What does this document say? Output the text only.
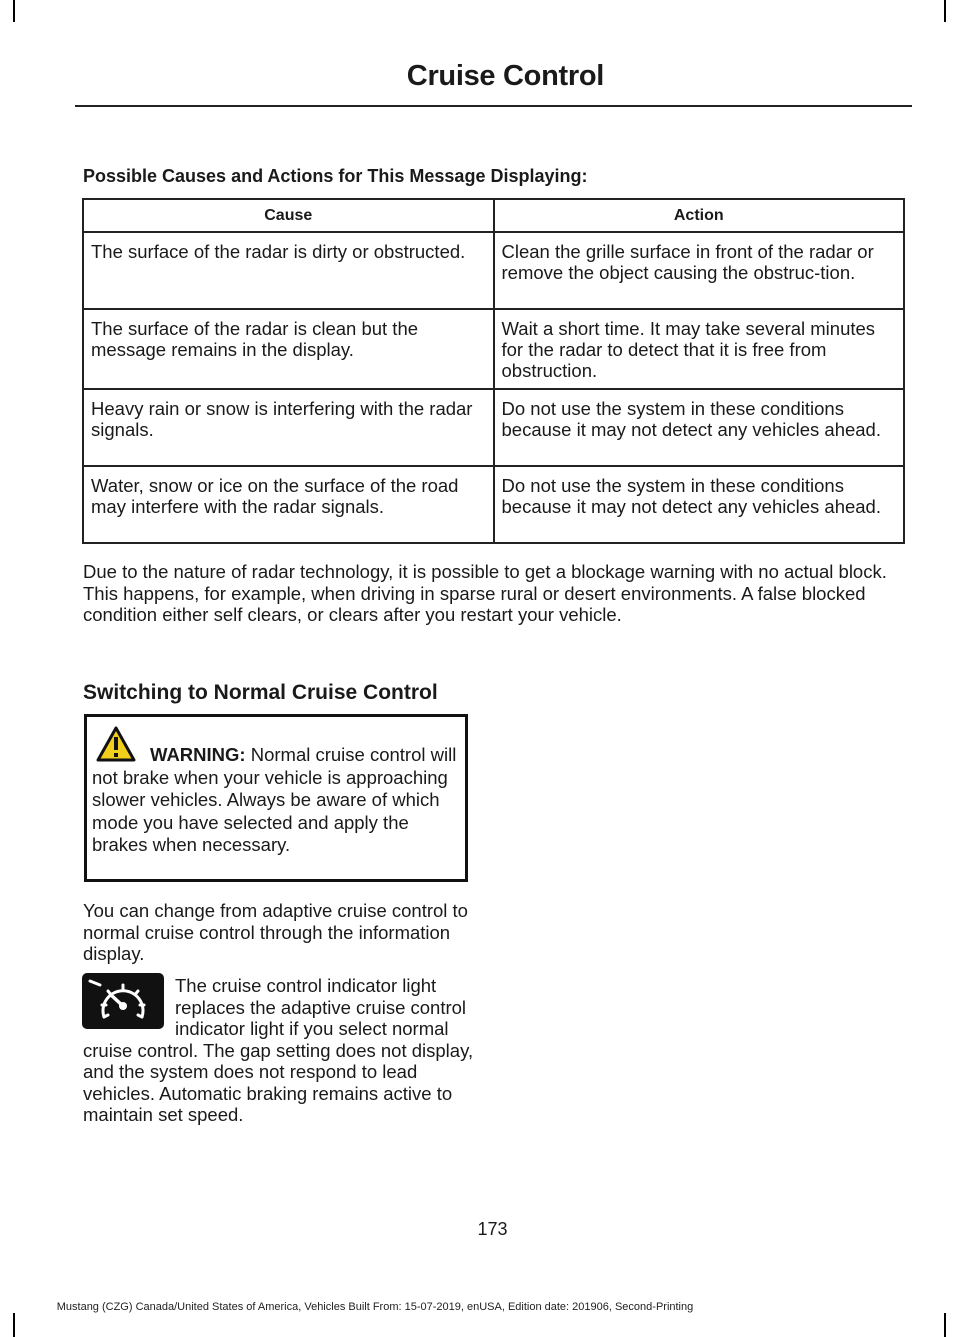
Cruise Control
Possible Causes and Actions for This Message Displaying:
Cause	Action
The surface of the radar is dirty or obstructed.	Clean the grille surface in front of the radar or remove the object causing the obstruc-tion.
The surface of the radar is clean but the message remains in the display.	Wait a short time. It may take several minutes for the radar to detect that it is free from obstruction.
Heavy rain or snow is interfering with the radar signals.	Do not use the system in these conditions because it may not detect any vehicles ahead.
Water, snow or ice on the surface of the road may interfere with the radar signals.	Do not use the system in these conditions because it may not detect any vehicles ahead.
Due to the nature of radar technology, it is possible to get a blockage warning with no actual block. This happens, for example, when driving in sparse rural or desert environments. A false blocked condition either self clears, or clears after you restart your vehicle.
Switching to Normal Cruise Control
WARNING: Normal cruise control will not brake when your vehicle is approaching slower vehicles. Always be aware of which mode you have selected and apply the brakes when necessary.
You can change from adaptive cruise control to normal cruise control through the information display.
The cruise control indicator light replaces the adaptive cruise control indicator light if you select normal cruise control. The gap setting does not display, and the system does not respond to lead vehicles. Automatic braking remains active to maintain set speed.
173
Mustang (CZG) Canada/United States of America, Vehicles Built From: 15-07-2019, enUSA, Edition date: 201906, Second-Printing
